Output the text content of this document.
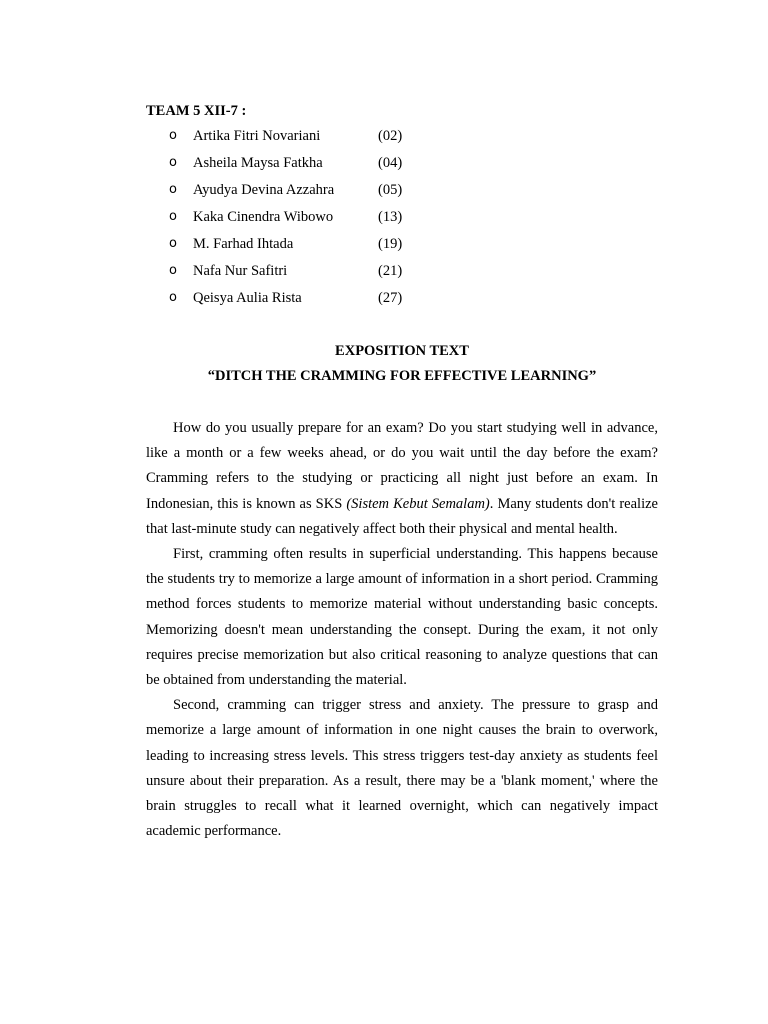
TEAM 5 XII-7 :
o	Artika Fitri Novariani	(02)
o	Asheila Maysa Fatkha	(04)
o	Ayudya Devina Azzahra	(05)
o	Kaka Cinendra Wibowo	(13)
o	M. Farhad Ihtada	(19)
o	Nafa Nur Safitri	(21)
o	Qeisya Aulia Rista	(27)
EXPOSITION TEXT
“DITCH THE CRAMMING FOR EFFECTIVE LEARNING”

How do you usually prepare for an exam? Do you start studying well in advance, like a month or a few weeks ahead, or do you wait until the day before the exam? Cramming refers to the studying or practicing all night just before an exam. In Indonesian, this is known as SKS (Sistem Kebut Semalam). Many students don't realize that last-minute study can negatively affect both their physical and mental health.

First, cramming often results in superficial understanding. This happens because the students try to memorize a large amount of information in a short period. Cramming method forces students to memorize material without understanding basic concepts. Memorizing doesn't mean understanding the consept. During the exam, it not only requires precise memorization but also critical reasoning to analyze questions that can be obtained from understanding the material.

Second, cramming can trigger stress and anxiety. The pressure to grasp and memorize a large amount of information in one night causes the brain to overwork, leading to increasing stress levels. This stress triggers test-day anxiety as students feel unsure about their preparation. As a result, there may be a 'blank moment,' where the brain struggles to recall what it learned overnight, which can negatively impact academic performance.
